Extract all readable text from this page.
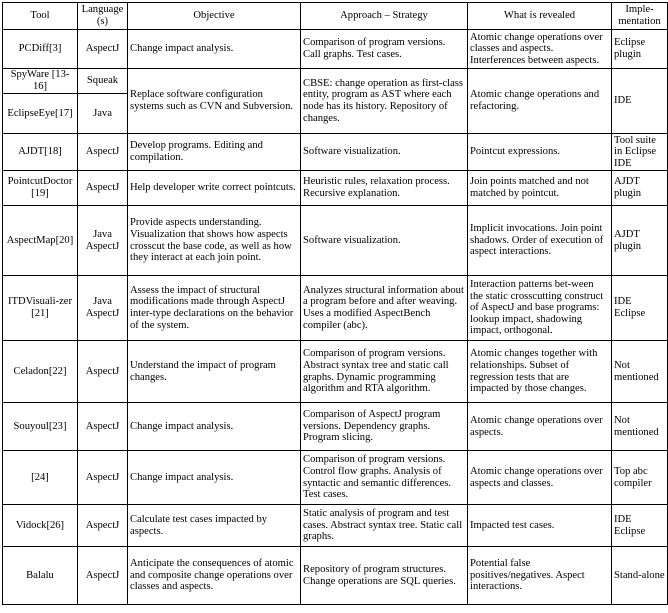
Tool	Language (s)	Objective	Approach – Strategy	What is revealed	Imple-mentation
PCDiff[3]	AspectJ	Change impact analysis.	Comparison of program versions. Call graphs. Test cases.	Atomic change operations over classes and aspects. Interferences between aspects.	Eclipse plugin
SpyWare [13-16]	Squeak	Replace software configuration systems such as CVN and Subversion.	CBSE: change operation as first-class entity, program as AST where each node has its history. Repository of changes.	Atomic change operations and refactoring.	IDE
EclipseEye[17]	Java				
AJDT[18]	AspectJ	Develop programs. Editing and compilation.	Software visualization.	Pointcut expressions.	Tool suite in Eclipse IDE
PointcutDoctor [19]	AspectJ	Help developer write correct pointcuts.	Heuristic rules, relaxation process. Recursive explanation.	Join points matched and not matched by pointcut.	AJDT plugin
AspectMap[20]	Java AspectJ	Provide aspects understanding. Visualization that shows how aspects crosscut the base code, as well as how they interact at each join point.	Software visualization.	Implicit invocations. Join point shadows. Order of execution of aspect interactions.	AJDT plugin
ITDVisuali-zer [21]	Java AspectJ	Assess the impact of structural modifications made through AspectJ inter-type declarations on the behavior of the system.	Analyzes structural information about a program before and after weaving. Uses a modified AspectBench compiler (abc).	Interaction patterns bet-ween the static crosscutting construct of AspectJ and base programs: lookup impact, shadowing impact, orthogonal.	IDE Eclipse
Celadon[22]	AspectJ	Understand the impact of program changes.	Comparison of program versions. Abstract syntax tree and static call graphs. Dynamic programming algorithm and RTA algorithm.	Atomic changes together with relationships. Subset of regression tests that are impacted by those changes.	Not mentioned
Souyoul[23]	AspectJ	Change impact analysis.	Comparison of AspectJ program versions. Dependency graphs. Program slicing.	Atomic change operations over aspects.	Not mentioned
[24]	AspectJ	Change impact analysis.	Comparison of program versions. Control flow graphs. Analysis of syntactic and semantic differences. Test cases.	Atomic change operations over aspects and classes.	Top abc compiler
Vidock[26]	AspectJ	Calculate test cases impacted by aspects.	Static analysis of program and test cases. Abstract syntax tree. Static call graphs.	Impacted test cases.	IDE Eclipse
Balalu	AspectJ	Anticipate the consequences of atomic and composite change operations over classes and aspects.	Repository of program structures. Change operations are SQL queries.	Potential false positives/negatives. Aspect interactions.	Stand-alone
